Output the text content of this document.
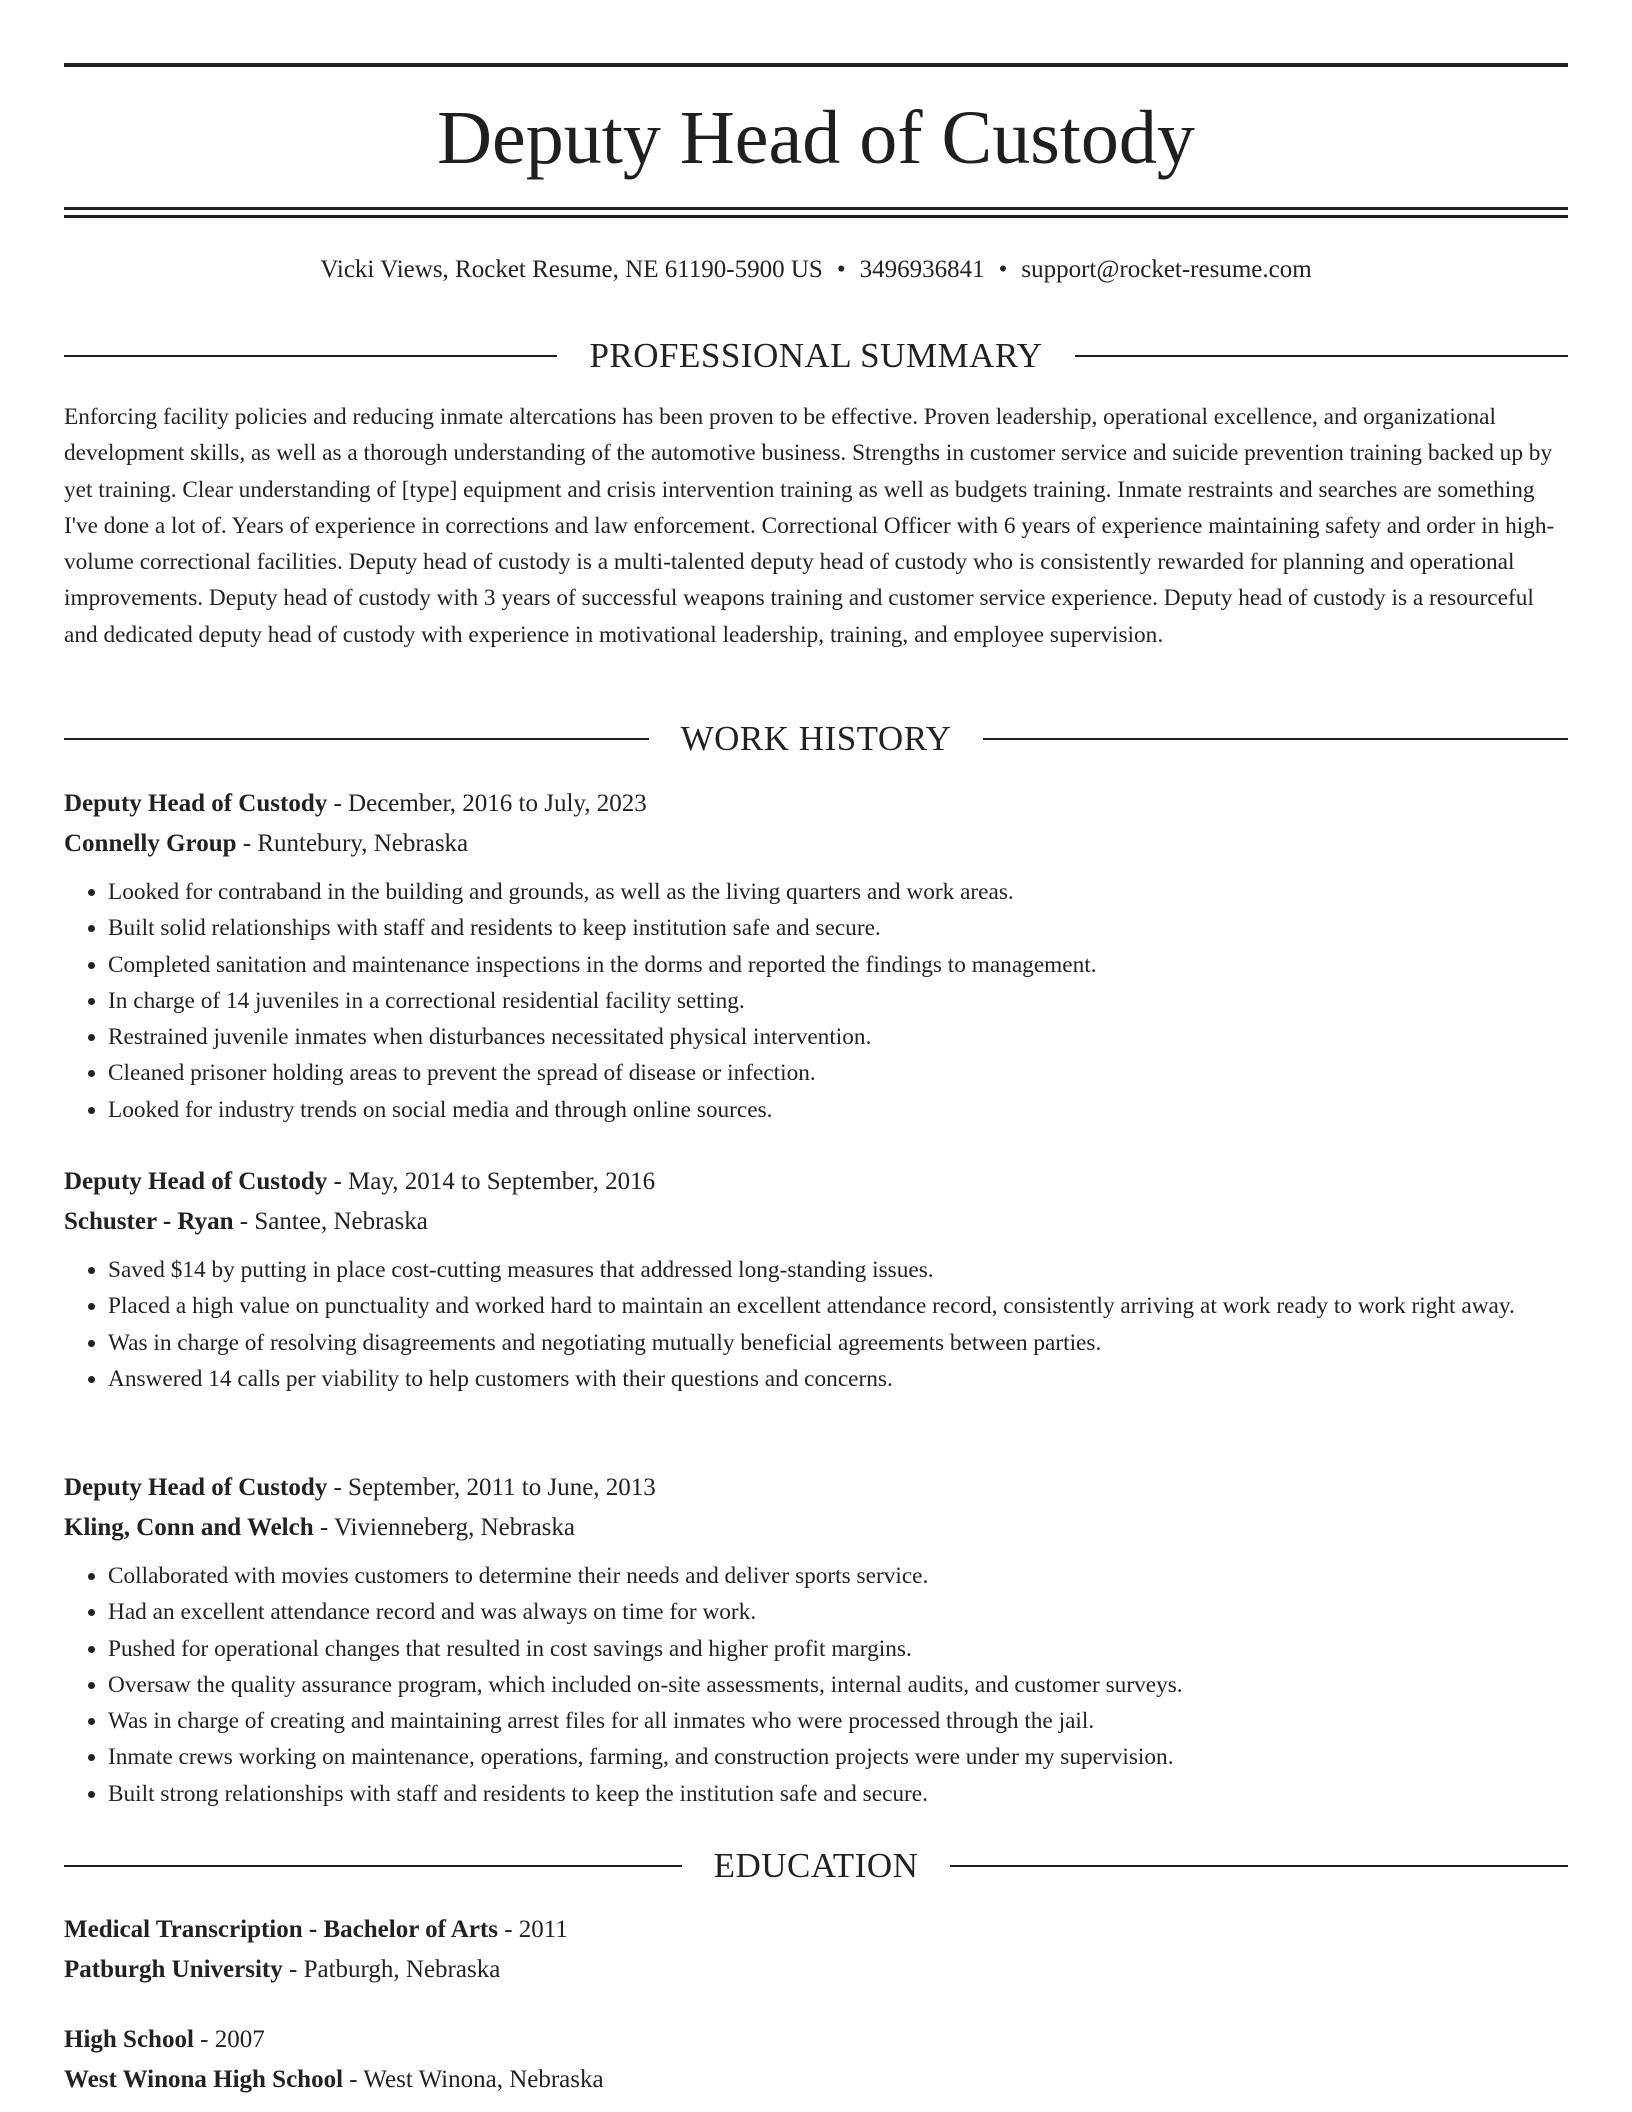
Deputy Head of Custody
Vicki Views, Rocket Resume, NE 61190-5900 US • 3496936841 • support@rocket-resume.com
PROFESSIONAL SUMMARY
Enforcing facility policies and reducing inmate altercations has been proven to be effective. Proven leadership, operational excellence, and organizational development skills, as well as a thorough understanding of the automotive business. Strengths in customer service and suicide prevention training backed up by yet training. Clear understanding of [type] equipment and crisis intervention training as well as budgets training. Inmate restraints and searches are something I've done a lot of. Years of experience in corrections and law enforcement. Correctional Officer with 6 years of experience maintaining safety and order in high-volume correctional facilities. Deputy head of custody is a multi-talented deputy head of custody who is consistently rewarded for planning and operational improvements. Deputy head of custody with 3 years of successful weapons training and customer service experience. Deputy head of custody is a resourceful and dedicated deputy head of custody with experience in motivational leadership, training, and employee supervision.
WORK HISTORY
Deputy Head of Custody - December, 2016 to July, 2023
Connelly Group - Runtebury, Nebraska
• Looked for contraband in the building and grounds, as well as the living quarters and work areas.
• Built solid relationships with staff and residents to keep institution safe and secure.
• Completed sanitation and maintenance inspections in the dorms and reported the findings to management.
• In charge of 14 juveniles in a correctional residential facility setting.
• Restrained juvenile inmates when disturbances necessitated physical intervention.
• Cleaned prisoner holding areas to prevent the spread of disease or infection.
• Looked for industry trends on social media and through online sources.
Deputy Head of Custody - May, 2014 to September, 2016
Schuster - Ryan - Santee, Nebraska
• Saved $14 by putting in place cost-cutting measures that addressed long-standing issues.
• Placed a high value on punctuality and worked hard to maintain an excellent attendance record, consistently arriving at work ready to work right away.
• Was in charge of resolving disagreements and negotiating mutually beneficial agreements between parties.
• Answered 14 calls per viability to help customers with their questions and concerns.
Deputy Head of Custody - September, 2011 to June, 2013
Kling, Conn and Welch - Vivienneberg, Nebraska
• Collaborated with movies customers to determine their needs and deliver sports service.
• Had an excellent attendance record and was always on time for work.
• Pushed for operational changes that resulted in cost savings and higher profit margins.
• Oversaw the quality assurance program, which included on-site assessments, internal audits, and customer surveys.
• Was in charge of creating and maintaining arrest files for all inmates who were processed through the jail.
• Inmate crews working on maintenance, operations, farming, and construction projects were under my supervision.
• Built strong relationships with staff and residents to keep the institution safe and secure.
EDUCATION
Medical Transcription - Bachelor of Arts - 2011
Patburgh University - Patburgh, Nebraska
High School - 2007
West Winona High School - West Winona, Nebraska
